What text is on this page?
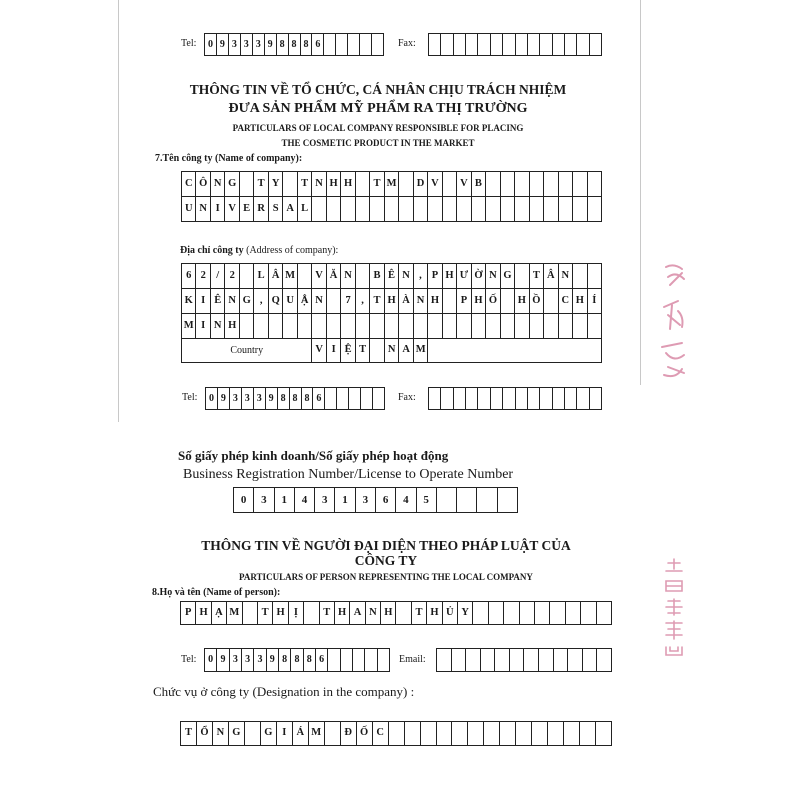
Tel: 0 9 3 3 3 9 8 8 8 6	Fax:
THÔNG TIN VỀ TỔ CHỨC, CÁ NHÂN CHỊU TRÁCH NHIỆM
ĐƯA SẢN PHẨM MỸ PHẨM RA THỊ TRƯỜNG
PARTICULARS OF LOCAL COMPANY RESPONSIBLE FOR PLACING
THE COSMETIC PRODUCT IN THE MARKET
7.Tên công ty (Name of company):
C Ô N G	T Y	T N H H	T M	D V	V B
U N I V E R S A L
Địa chỉ công ty (Address of company):
6 2 / 2	L Â M	V Ă N	B Ê N , P H Ư Ờ N G	T Â N
K I Ê N G , Q U Ậ N	7	, T H À N H	P H Ố	H Ồ	C H Í
M I N H
Country	V I Ệ T	N A M
Tel: 0 9 3 3 3 9 8 8 8 6	Fax:
Số giấy phép kinh doanh/Số giấy phép hoạt động
Business Registration Number/License to Operate Number
0	3	1	4	3	1	3	6	4	5
THÔNG TIN VỀ NGƯỜI ĐẠI DIỆN THEO PHÁP LUẬT CỦA
CÔNG TY
PARTICULARS OF PERSON REPRESENTING THE LOCAL COMPANY
8.Họ và tên (Name of person):
P H Ạ M	T H Ị	T H A N H	T H Ủ Y
Tel:	0 9 3 3 3 9 8 8 8 6	Email:
Chức vụ ở công ty (Designation in the company) :
T Ổ N G	G I Á M	Đ Ố C
